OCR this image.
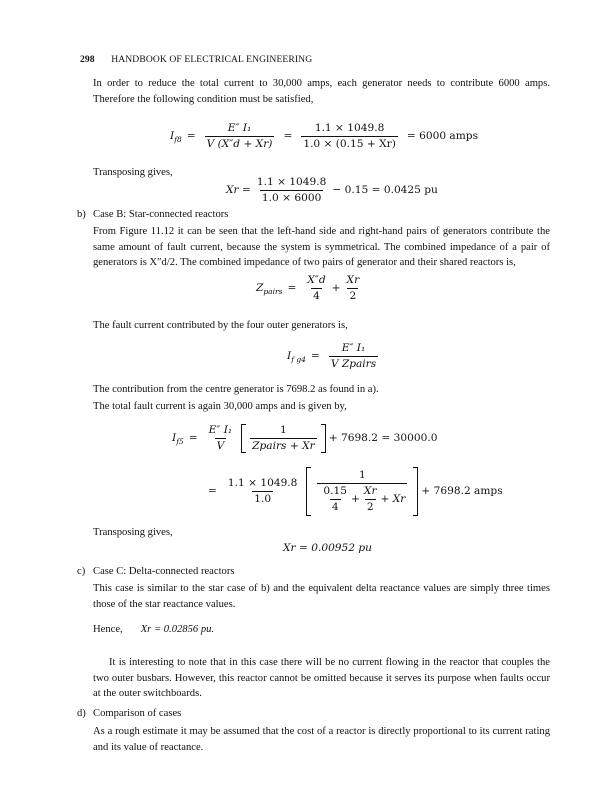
298 HANDBOOK OF ELECTRICAL ENGINEERING
In order to reduce the total current to 30,000 amps, each generator needs to contribute 6000 amps. Therefore the following condition must be satisfied,
$I_{f8} = \frac{\text{E″ I₁}}{V (X''d + Xr)} = \frac{1.1 \times 1049.8}{1.0 \times (0.15 + Xr)} = 6000$ amps
Transposing gives,
$Xr = \frac{1.1 \times 1049.8}{1.0 \times 6000} - 0.15 = 0.0425$ pu
b) Case B: Star-connected reactors
From Figure 11.12 it can be seen that the left-hand side and right-hand pairs of generators contribute the same amount of fault current, because the system is symmetrical. The combined impedance of a pair of generators is X″d/2. The combined impedance of two pairs of generator and their shared reactors is,
$Z_{pairs} = \frac{X''d}{4} + \frac{Xr}{2}$
The fault current contributed by the four outer generators is,
$I_{f g4} = \frac{\text{E″ I₁}}{\text{V Zpairs}}$
The contribution from the centre generator is 7698.2 as found in a).
The total fault current is again 30,000 amps and is given by,
$I_{f5} = \frac{\text{E″ I₁}}{V} \frac{1}{\text{Zpairs + Xr}} + 7698.2 = 30000.0$
= $\frac{1.1 \times 1049.8}{1.0} \frac{1}{\frac{0.15}{4} + \frac{Xr}{2} + Xr} + 7698.2$ amps
Transposing gives,
Xr = 0.00952 pu
c) Case C: Delta-connected reactors
This case is similar to the star case of b) and the equivalent delta reactance values are simply three times those of the star reactance values.
Hence, Xr = 0.02856 pu.
It is interesting to note that in this case there will be no current flowing in the reactor that couples the two outer busbars. However, this reactor cannot be omitted because it serves its purpose when faults occur at the outer switchboards.
d) Comparison of cases
As a rough estimate it may be assumed that the cost of a reactor is directly proportional to its current rating and its value of reactance.
